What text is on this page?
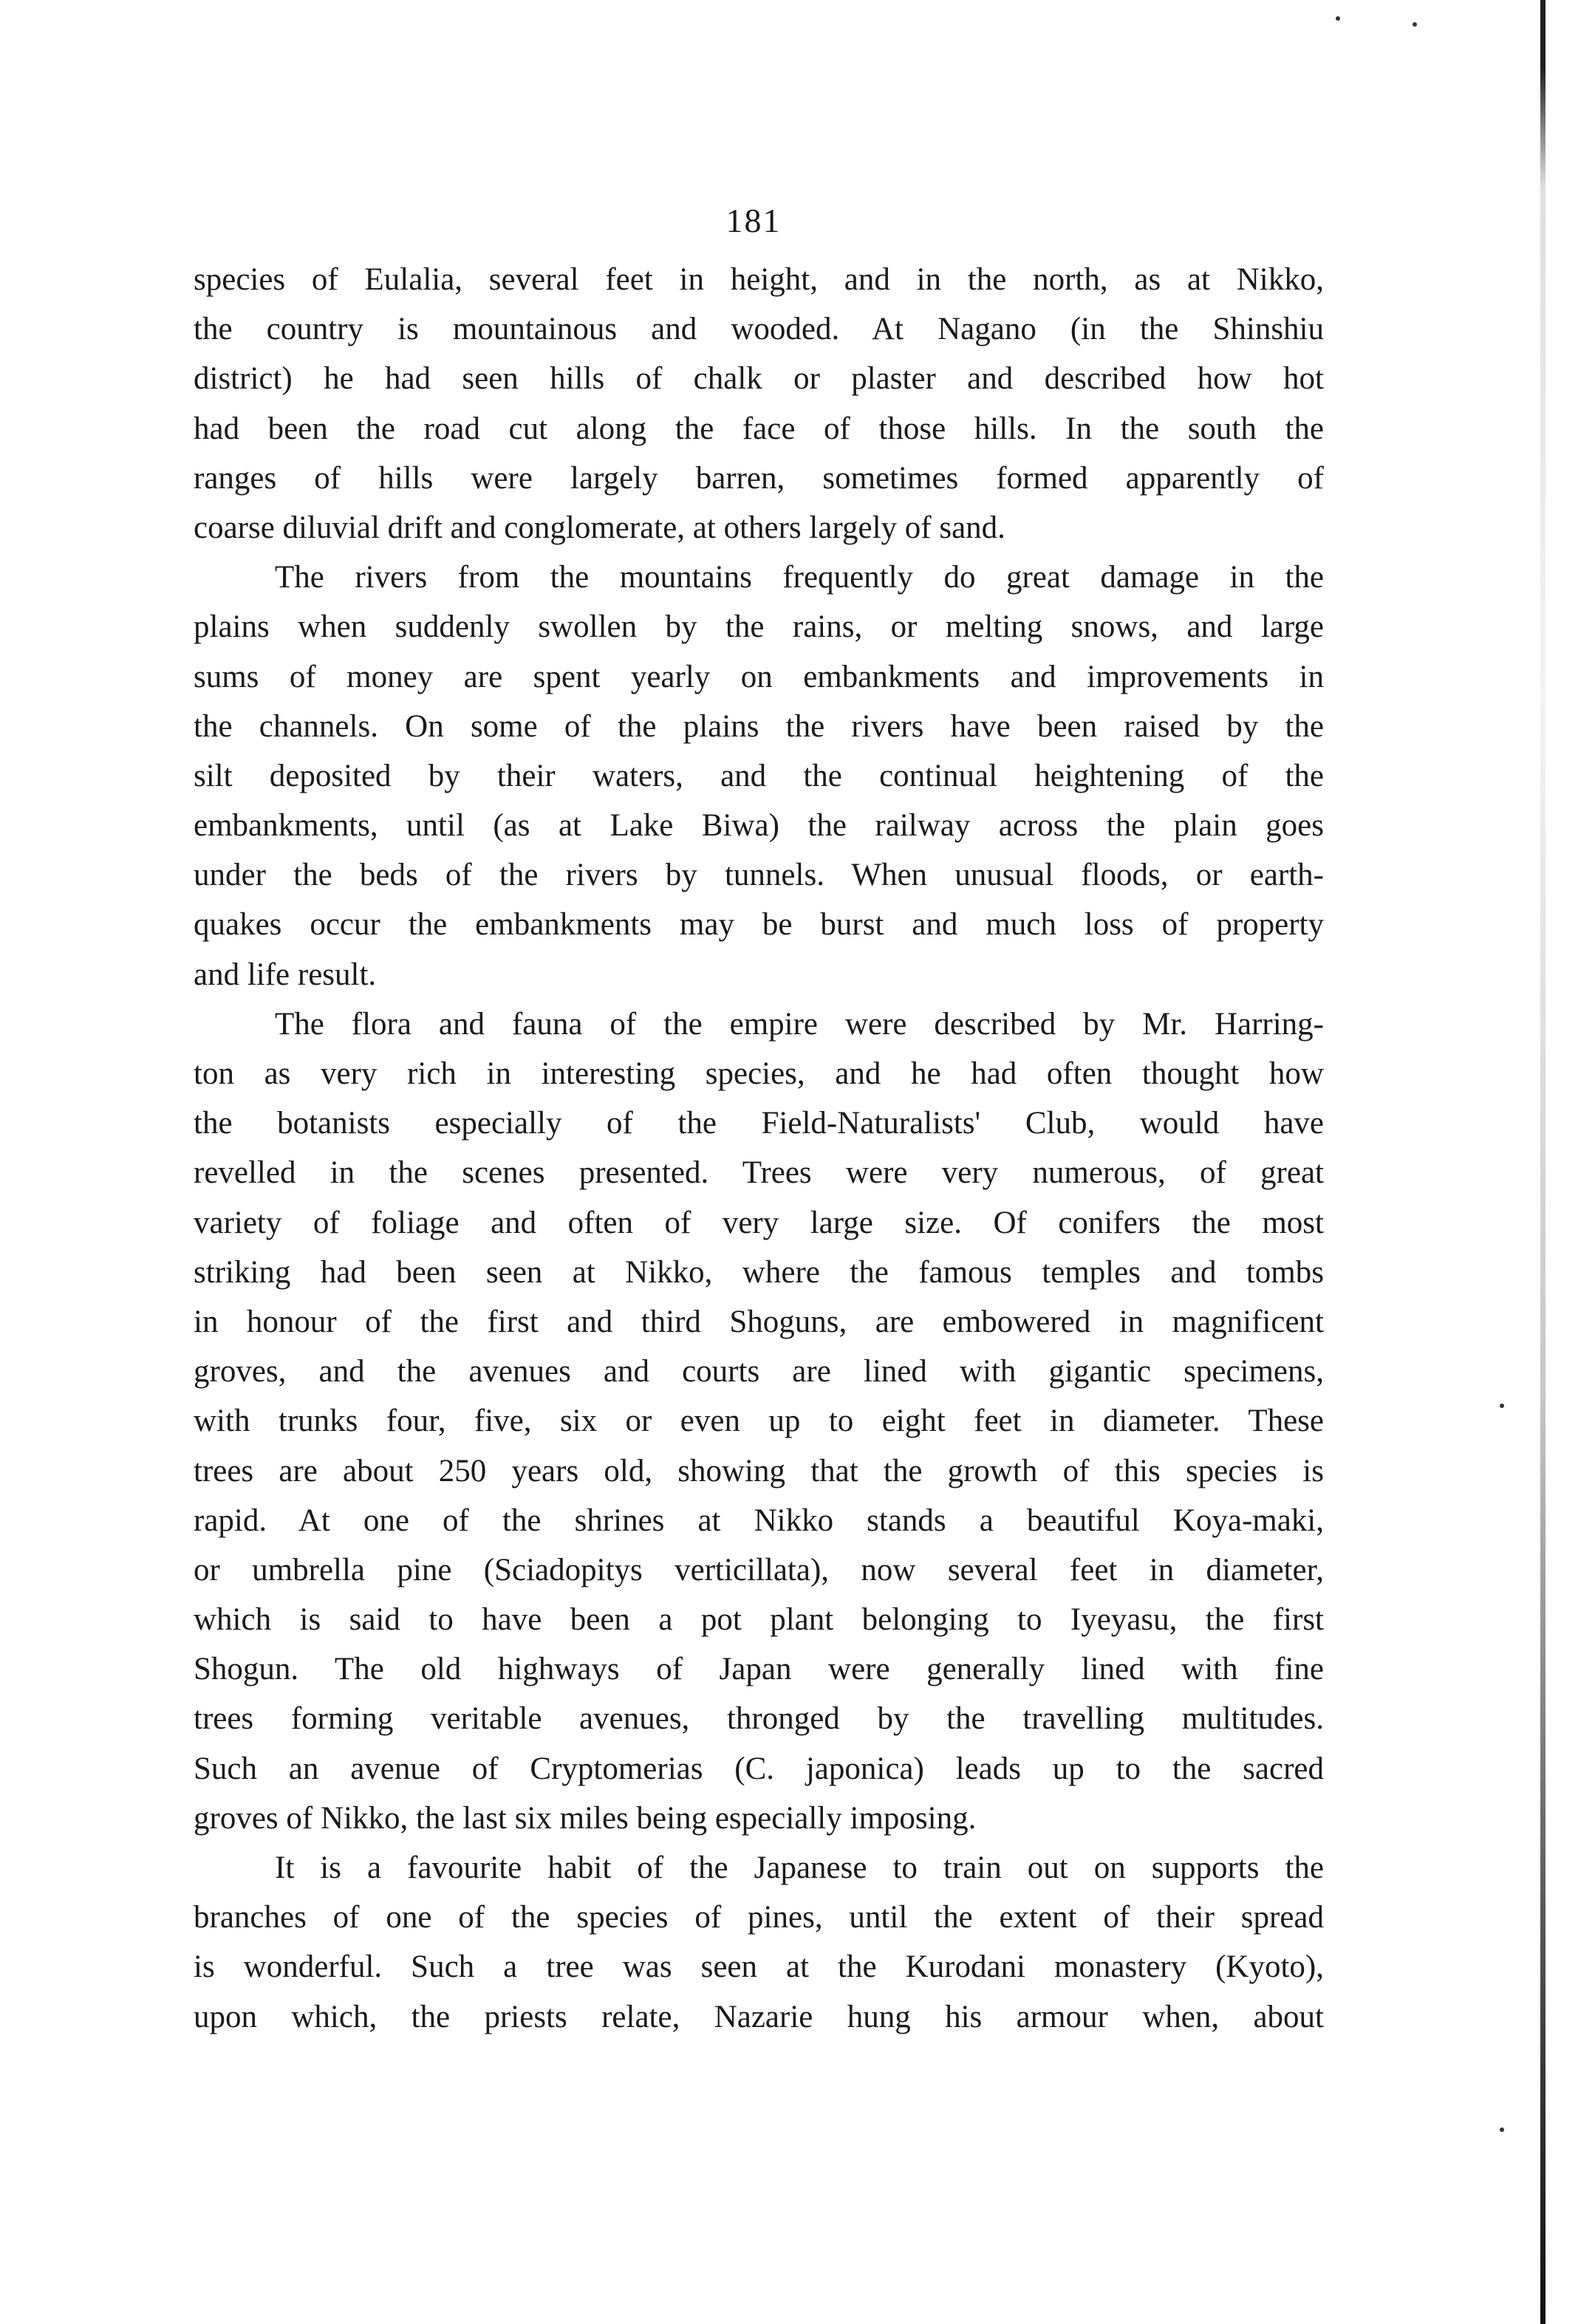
181
species of Eulalia, several feet in height, and in the north, as at Nikko,
the country is mountainous and wooded. At Nagano (in the Shinshiu
district) he had seen hills of chalk or plaster and described how hot
had been the road cut along the face of those hills. In the south the
ranges of hills were largely barren, sometimes formed apparently of
coarse diluvial drift and conglomerate, at others largely of sand.
The rivers from the mountains frequently do great damage in the
plains when suddenly swollen by the rains, or melting snows, and large
sums of money are spent yearly on embankments and improvements in
the channels. On some of the plains the rivers have been raised by the
silt deposited by their waters, and the continual heightening of the
embankments, until (as at Lake Biwa) the railway across the plain goes
under the beds of the rivers by tunnels. When unusual floods, or earth-
quakes occur the embankments may be burst and much loss of property
and life result.
The flora and fauna of the empire were described by Mr. Harring-
ton as very rich in interesting species, and he had often thought how
the botanists especially of the Field-Naturalists' Club, would have
revelled in the scenes presented. Trees were very numerous, of great
variety of foliage and often of very large size. Of conifers the most
striking had been seen at Nikko, where the famous temples and tombs
in honour of the first and third Shoguns, are embowered in magnificent
groves, and the avenues and courts are lined with gigantic specimens,
with trunks four, five, six or even up to eight feet in diameter. These
trees are about 250 years old, showing that the growth of this species is
rapid. At one of the shrines at Nikko stands a beautiful Koya-maki,
or umbrella pine (Sciadopitys verticillata), now several feet in diameter,
which is said to have been a pot plant belonging to Iyeyasu, the first
Shogun. The old highways of Japan were generally lined with fine
trees forming veritable avenues, thronged by the travelling multitudes.
Such an avenue of Cryptomerias (C. japonica) leads up to the sacred
groves of Nikko, the last six miles being especially imposing.
It is a favourite habit of the Japanese to train out on supports the
branches of one of the species of pines, until the extent of their spread
is wonderful. Such a tree was seen at the Kurodani monastery (Kyoto),
upon which, the priests relate, Nazarie hung his armour when, about
